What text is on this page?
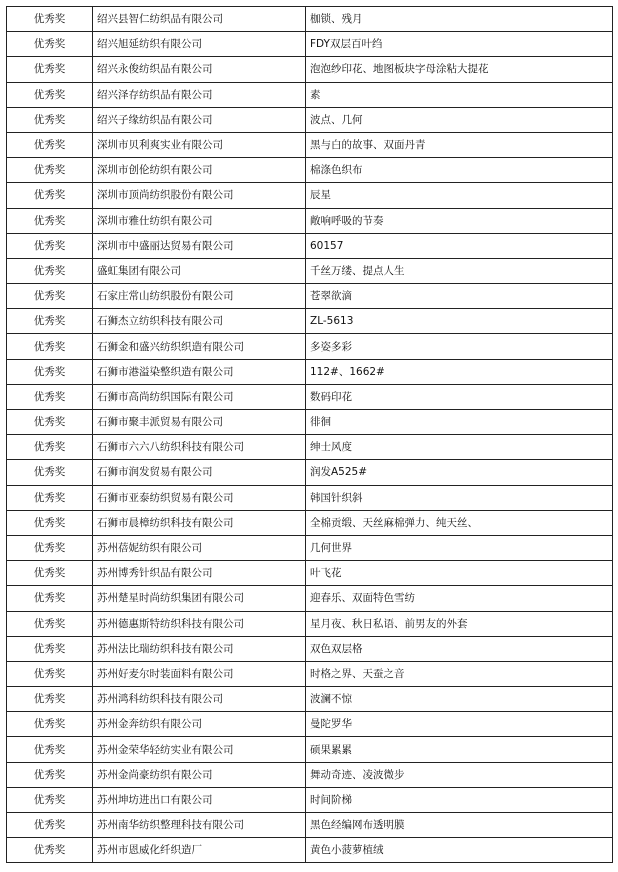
优秀奖	绍兴县智仁纺织品有限公司	枷锁、残月
优秀奖	绍兴旭延纺织有限公司	FDY双层百叶绉
优秀奖	绍兴永俊纺织品有限公司	泡泡纱印花、地图板块字母涂粘大提花
优秀奖	绍兴泽存纺织品有限公司	素
优秀奖	绍兴子缘纺织品有限公司	波点、几何
优秀奖	深圳市贝利爽实业有限公司	黑与白的故事、双面丹青
优秀奖	深圳市创伦纺织有限公司	棉涤色织布
优秀奖	深圳市顶尚纺织股份有限公司	辰星
优秀奖	深圳市雅仕纺织有限公司	敞响呼吸的节奏
优秀奖	深圳市中盛丽达贸易有限公司	60157
优秀奖	盛虹集团有限公司	千丝万缕、提点人生
优秀奖	石家庄常山纺织股份有限公司	苍翠欲滴
优秀奖	石狮杰立纺织科技有限公司	ZL-5613
优秀奖	石狮金和盛兴纺织织造有限公司	多姿多彩
优秀奖	石狮市港溢染整织造有限公司	112#、1662#
优秀奖	石狮市高尚纺织国际有限公司	数码印花
优秀奖	石狮市聚丰派贸易有限公司	徘徊
优秀奖	石狮市六六八纺织科技有限公司	绅士风度
优秀奖	石狮市润发贸易有限公司	润发A525#
优秀奖	石狮市亚泰纺织贸易有限公司	韩国针织斜
优秀奖	石狮市晨樟纺织科技有限公司	全棉贡缎、天丝麻棉弹力、纯天丝、
优秀奖	苏州蓓妮纺织有限公司	几何世界
优秀奖	苏州博秀针织品有限公司	叶飞花
优秀奖	苏州楚星时尚纺织集团有限公司	迎春乐、双面特色雪纺
优秀奖	苏州德惠斯特纺织科技有限公司	星月夜、秋日私语、前男友的外套
优秀奖	苏州法比瑞纺织科技有限公司	双色双层格
优秀奖	苏州好麦尔时装面料有限公司	时格之界、天蚕之音
优秀奖	苏州鸿科纺织科技有限公司	波澜不惊
优秀奖	苏州金奔纺织有限公司	曼陀罗华
优秀奖	苏州金荣华轻纺实业有限公司	硕果累累
优秀奖	苏州金尚豪纺织有限公司	舞动奇迹、凌波微步
优秀奖	苏州坤坊进出口有限公司	时间阶梯
优秀奖	苏州南华纺织整理科技有限公司	黑色经编网布透明膜
优秀奖	苏州市恩威化纤织造厂	黄色小菠萝植绒
